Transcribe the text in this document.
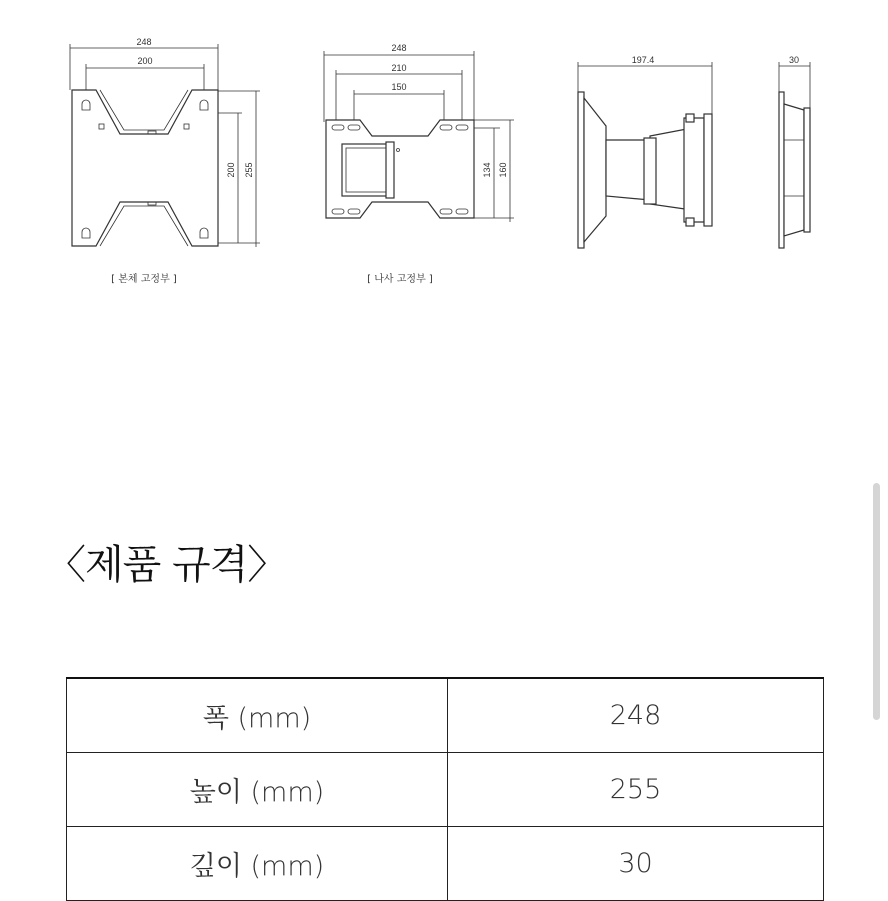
248
200
200 255
[ 본체 고정부 ]
248
210
150
134 160
[ 나사 고정부 ]
197.4	30
〈제품 규격〉
폭 (mm)	248
높이 (mm)	255
깊이 (mm)	30
